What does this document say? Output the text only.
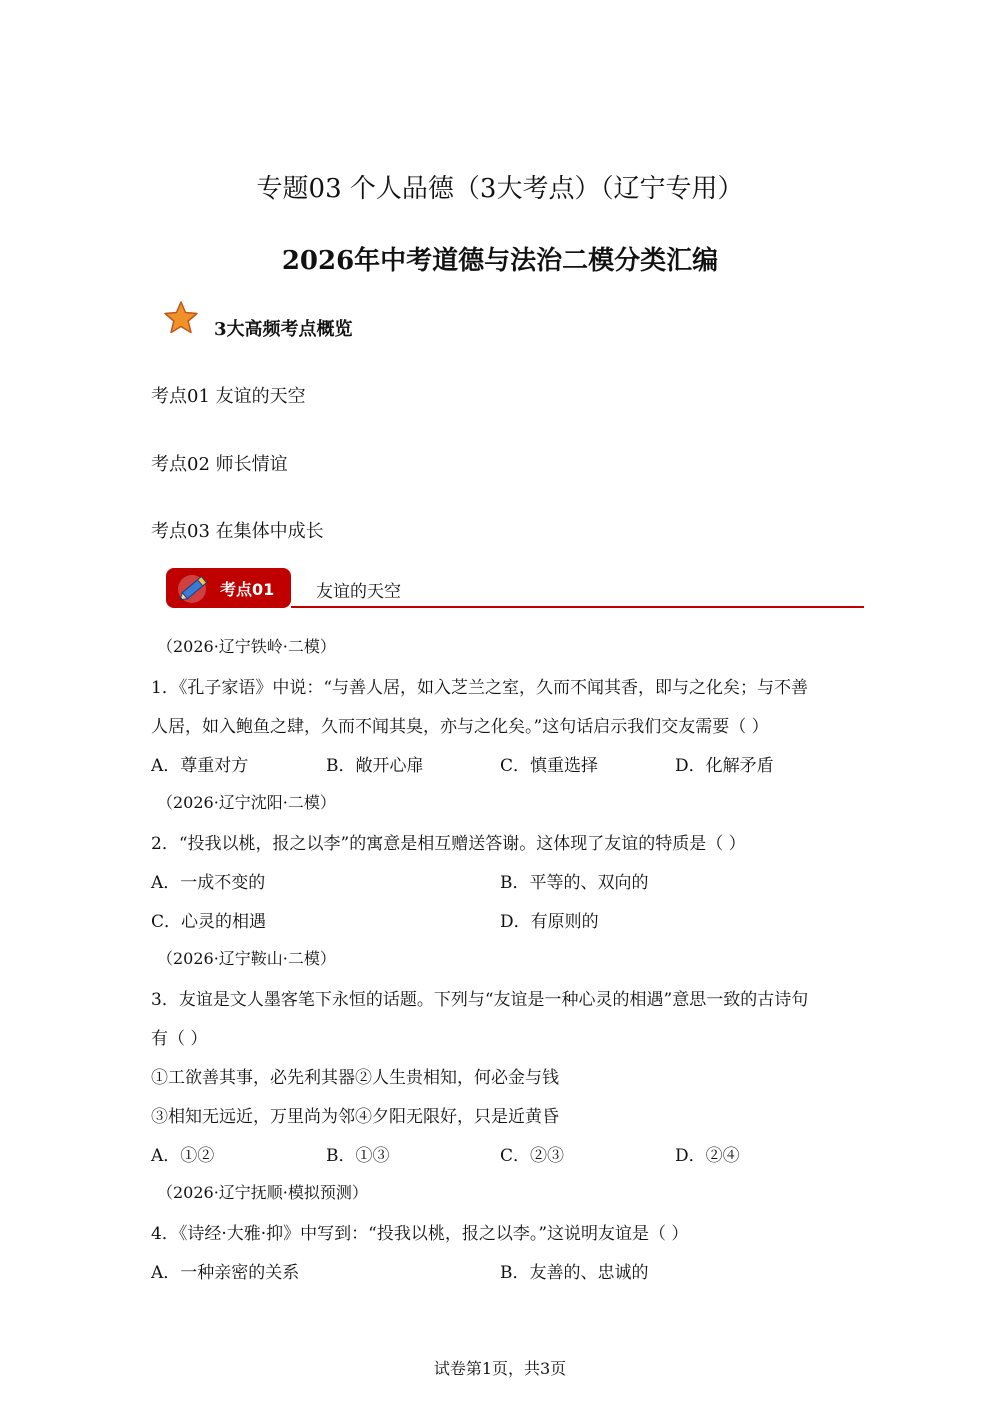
专题03 个人品德（3大考点）（辽宁专用）
2026年中考道德与法治二模分类汇编
3大高频考点概览
考点01 友谊的天空
考点02 师长情谊
考点03 在集体中成长
考点01 友谊的天空
（2026·辽宁铁岭·二模）
1．《孔子家语》中说：“与善人居，如入芝兰之室，久而不闻其香，即与之化矣；与不善
人居，如入鲍鱼之肆，久而不闻其臭，亦与之化矣。”这句话启示我们交友需要（ ）
A．尊重对方	B．敞开心扉	C．慎重选择	D．化解矛盾
（2026·辽宁沈阳·二模）
2．“投我以桃，报之以李”的寓意是相互赠送答谢。这体现了友谊的特质是（ ）
A．一成不变的	B．平等的、双向的
C．心灵的相遇	D．有原则的
（2026·辽宁鞍山·二模）
3．友谊是文人墨客笔下永恒的话题。下列与“友谊是一种心灵的相遇”意思一致的古诗句
有（ ）
①工欲善其事，必先利其器②人生贵相知，何必金与钱
③相知无远近，万里尚为邻④夕阳无限好，只是近黄昏
A．①②	B．①③	C．②③	D．②④
（2026·辽宁抚顺·模拟预测）
4．《诗经·大雅·抑》中写到：“投我以桃，报之以李。”这说明友谊是（ ）
A．一种亲密的关系	B．友善的、忠诚的
试卷第1页，共3页
